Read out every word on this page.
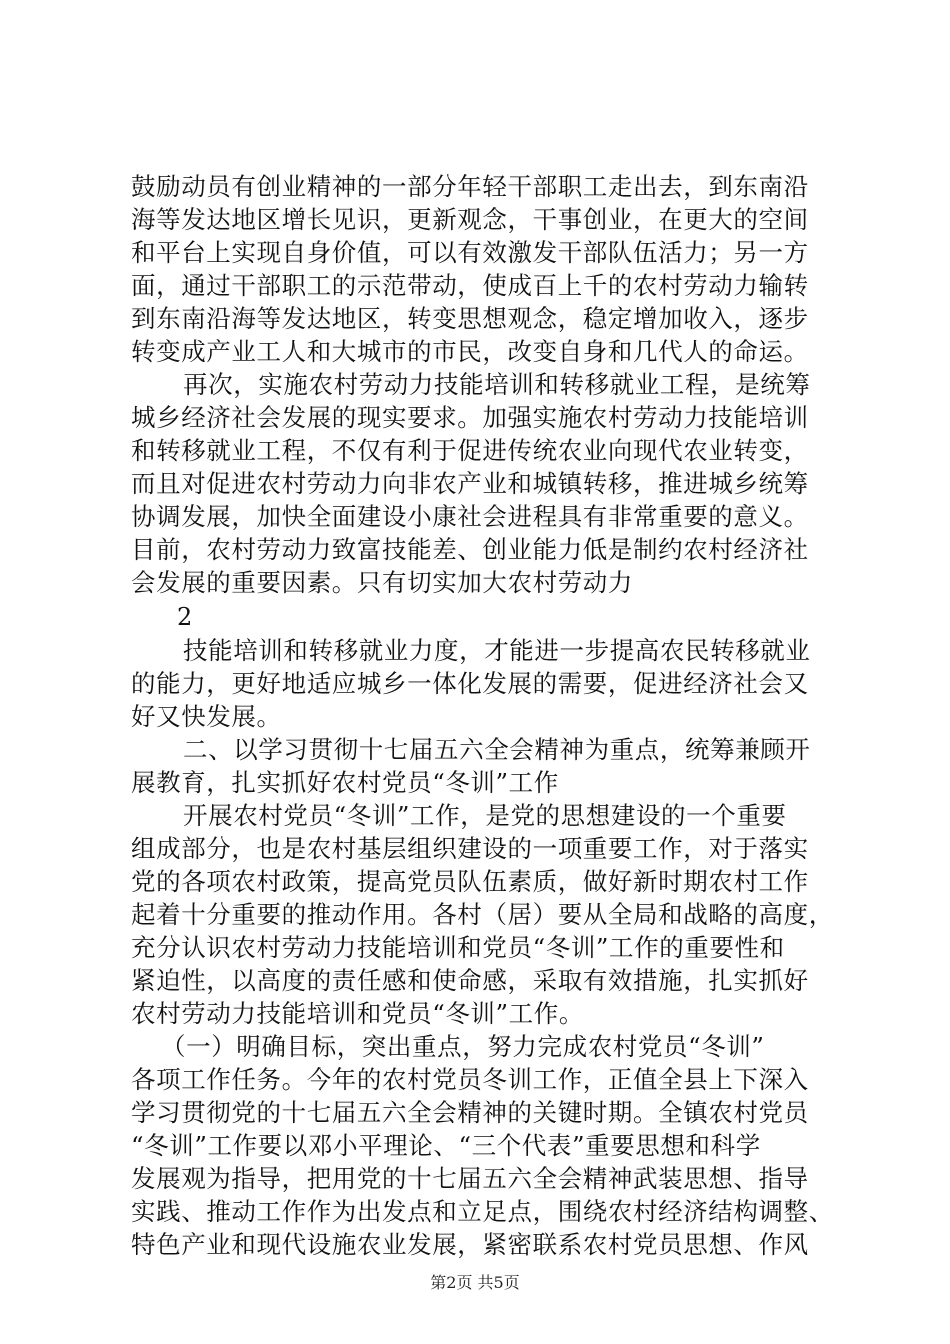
鼓励动员有创业精神的一部分年轻干部职工走出去，到东南沿
海等发达地区增长见识，更新观念，干事创业，在更大的空间
和平台上实现自身价值，可以有效激发干部队伍活力；另一方
面，通过干部职工的示范带动，使成百上千的农村劳动力输转
到东南沿海等发达地区，转变思想观念，稳定增加收入，逐步
转变成产业工人和大城市的市民，改变自身和几代人的命运。
再次，实施农村劳动力技能培训和转移就业工程，是统筹
城乡经济社会发展的现实要求。加强实施农村劳动力技能培训
和转移就业工程，不仅有利于促进传统农业向现代农业转变，
而且对促进农村劳动力向非农产业和城镇转移，推进城乡统筹
协调发展，加快全面建设小康社会进程具有非常重要的意义。
目前，农村劳动力致富技能差、创业能力低是制约农村经济社
会发展的重要因素。只有切实加大农村劳动力
2
技能培训和转移就业力度，才能进一步提高农民转移就业
的能力，更好地适应城乡一体化发展的需要，促进经济社会又
好又快发展。
二、以学习贯彻十七届五六全会精神为重点，统筹兼顾开
展教育，扎实抓好农村党员“冬训”工作
开展农村党员“冬训”工作，是党的思想建设的一个重要
组成部分，也是农村基层组织建设的一项重要工作，对于落实
党的各项农村政策，提高党员队伍素质，做好新时期农村工作
起着十分重要的推动作用。各村（居）要从全局和战略的高度，
充分认识农村劳动力技能培训和党员“冬训”工作的重要性和
紧迫性，以高度的责任感和使命感，采取有效措施，扎实抓好
农村劳动力技能培训和党员“冬训”工作。
（一）明确目标，突出重点，努力完成农村党员“冬训”
各项工作任务。今年的农村党员冬训工作，正值全县上下深入
学习贯彻党的十七届五六全会精神的关键时期。全镇农村党员
“冬训”工作要以邓小平理论、“三个代表”重要思想和科学
发展观为指导，把用党的十七届五六全会精神武装思想、指导
实践、推动工作作为出发点和立足点，围绕农村经济结构调整、
特色产业和现代设施农业发展，紧密联系农村党员思想、作风
第2页 共5页
